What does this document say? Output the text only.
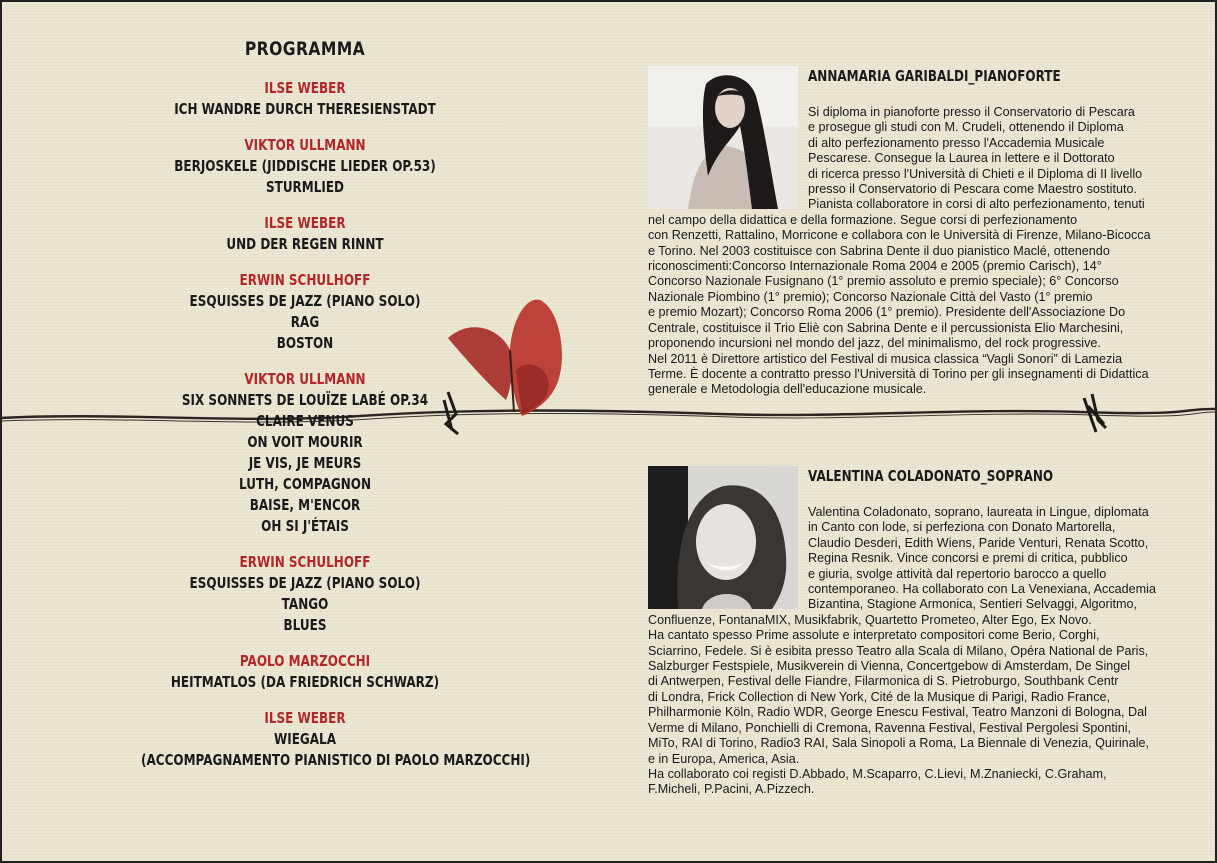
PROGRAMMA
ILSE WEBER
ICH WANDRE DURCH THERESIENSTADT
VIKTOR ULLMANN
BERJOSKELE (JIDDISCHE LIEDER OP.53)
STURMLIED
ILSE WEBER
UND DER REGEN RINNT
ERWIN SCHULHOFF
ESQUISSES DE JAZZ (PIANO SOLO)
RAG
BOSTON
VIKTOR ULLMANN
SIX SONNETS DE LOUÏZE LABÉ OP.34
CLAIRE VENUS
ON VOIT MOURIR
JE VIS, JE MEURS
LUTH, COMPAGNON
BAISE, M'ENCOR
OH SI J'ÉTAIS
ERWIN SCHULHOFF
ESQUISSES DE JAZZ (PIANO SOLO)
TANGO
BLUES
PAOLO MARZOCCHI
HEITMATLOS (DA FRIEDRICH SCHWARZ)
ILSE WEBER
WIEGALA
(ACCOMPAGNAMENTO PIANISTICO DI PAOLO MARZOCCHI)
ANNAMARIA GARIBALDI_PIANOFORTE
Si diploma in pianoforte presso il Conservatorio di Pescara
e prosegue gli studi con M. Crudeli, ottenendo il Diploma
di alto perfezionamento presso l'Accademia Musicale
Pescarese. Consegue la Laurea in lettere e il Dottorato
di ricerca presso l'Università di Chieti e il Diploma di II livello
presso il Conservatorio di Pescara come Maestro sostituto.
Pianista collaboratore in corsi di alto perfezionamento, tenuti
nel campo della didattica e della formazione. Segue corsi di perfezionamento
con Renzetti, Rattalino, Morricone e collabora con le Università di Firenze, Milano-Bicocca
e Torino. Nel 2003 costituisce con Sabrina Dente il duo pianistico Maclé, ottenendo
riconoscimenti:Concorso Internazionale Roma 2004 e 2005 (premio Carisch), 14°
Concorso Nazionale Fusignano (1° premio assoluto e premio speciale); 6° Concorso
Nazionale Piombino (1° premio); Concorso Nazionale Città del Vasto (1° premio
e premio Mozart); Concorso Roma 2006 (1° premio). Presidente dell'Associazione Do
Centrale, costituisce il Trio Eliè con Sabrina Dente e il percussionista Elio Marchesini,
proponendo incursioni nel mondo del jazz, del minimalismo, del rock progressive.
Nel 2011 è Direttore artistico del Festival di musica classica “Vagli Sonori” di Lamezia
Terme. È docente a contratto presso l'Università di Torino per gli insegnamenti di Didattica
generale e Metodologia dell'educazione musicale.
VALENTINA COLADONATO_SOPRANO
Valentina Coladonato, soprano, laureata in Lingue, diplomata
in Canto con lode, si perfeziona con Donato Martorella,
Claudio Desderi, Edith Wiens, Paride Venturi, Renata Scotto,
Regina Resnik. Vince concorsi e premi di critica, pubblico
e giuria, svolge attività dal repertorio barocco a quello
contemporaneo. Ha collaborato con La Venexiana, Accademia
Bizantina, Stagione Armonica, Sentieri Selvaggi, Algoritmo,
Confluenze, FontanaMIX, Musikfabrik, Quartetto Prometeo, Alter Ego, Ex Novo.
Ha cantato spesso Prime assolute e interpretato compositori come Berio, Corghi,
Sciarrino, Fedele. Si è esibita presso Teatro alla Scala di Milano, Opéra National de Paris,
Salzburger Festspiele, Musikverein di Vienna, Concertgebow di Amsterdam, De Singel
di Antwerpen, Festival delle Fiandre, Filarmonica di S. Pietroburgo, Southbank Centr
di Londra, Frick Collection di New York, Cité de la Musique di Parigi, Radio France,
Philharmonie Köln, Radio WDR, George Enescu Festival, Teatro Manzoni di Bologna, Dal
Verme di Milano, Ponchielli di Cremona, Ravenna Festival, Festival Pergolesi Spontini,
MiTo, RAI di Torino, Radio3 RAI, Sala Sinopoli a Roma, La Biennale di Venezia, Quirinale,
e in Europa, America, Asia.
Ha collaborato coi registi D.Abbado, M.Scaparro, C.Lievi, M.Znaniecki, C.Graham,
F.Micheli, P.Pacini, A.Pizzech.
